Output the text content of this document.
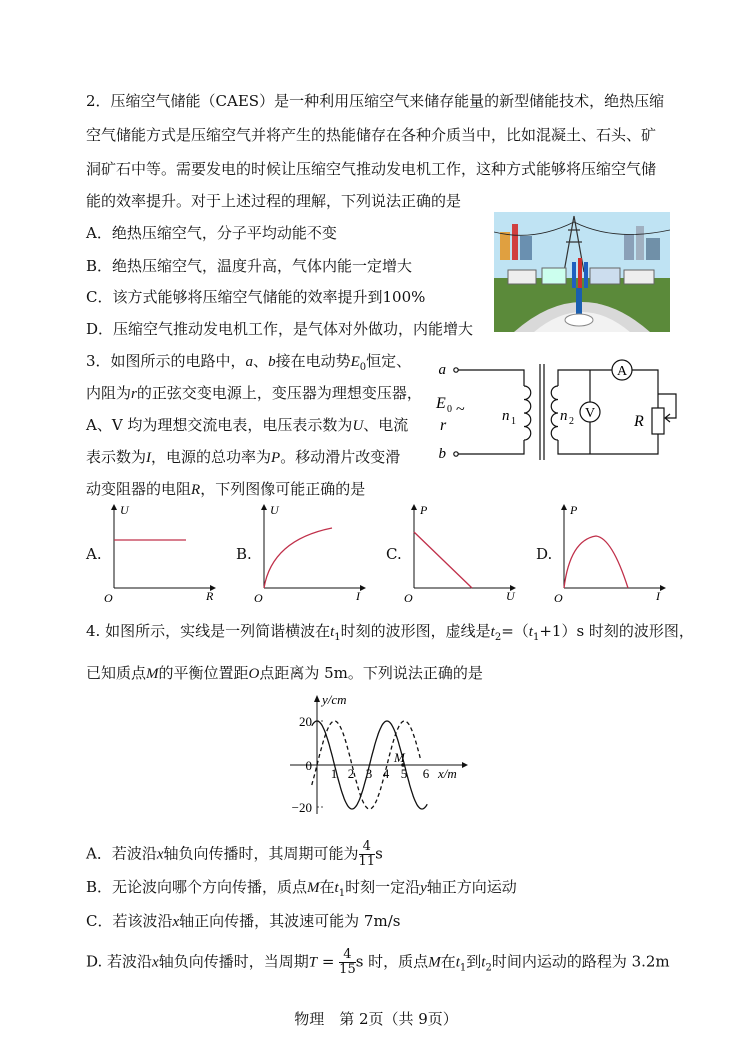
2．压缩空气储能（CAES）是一种利用压缩空气来储存能量的新型储能技术，绝热压缩
空气储能方式是压缩空气并将产生的热能储存在各种介质当中，比如混凝土、石头、矿
洞矿石中等。需要发电的时候让压缩空气推动发电机工作，这种方式能够将压缩空气储
能的效率提升。对于上述过程的理解，下列说法正确的是
A．绝热压缩空气，分子平均动能不变
B．绝热压缩空气，温度升高，气体内能一定增大
C．该方式能够将压缩空气储能的效率提升到100%
D．压缩空气推动发电机工作，是气体对外做功，内能增大
3．如图所示的电路中，a、b接在电动势$E_0$恒定、
内阻为r的正弦交变电源上，变压器为理想变压器，
A、V 均为理想交流电表，电压表示数为U、电流
表示数为I，电源的总功率为P。移动滑片改变滑
动变阻器的电阻R，下列图像可能正确的是
a
b
E 0 ~
r
n 1	n 2
V
A
R
A.
U
R
O
B.
U
I
O
C.
P
U
O
D.
P
I
O
4. 如图所示，实线是一列简谐横波在$t_1$时刻的波形图，虚线是$t_2=(t_1+1)s$ 时刻的波形图，
已知质点M的平衡位置距O点距离为 5m。下列说法正确的是
y/cm
x/m
20
0
−20
1 2 3 4 5 6
M
A．若波沿x轴负向传播时，其周期可能为 $\frac{4}{11}$ s
B．无论波向哪个方向传播，质点M在$t_1$时刻一定沿y轴正方向运动
C．若该波沿x轴正向传播，其波速可能为 7m/s
D. 若波沿x轴负向传播时，当周期$T = \frac{4}{15}$ s 时，质点M在$t_1$到$t_2$时间内运动的路程为 3.2m
物理　第 2页（共 9页）
